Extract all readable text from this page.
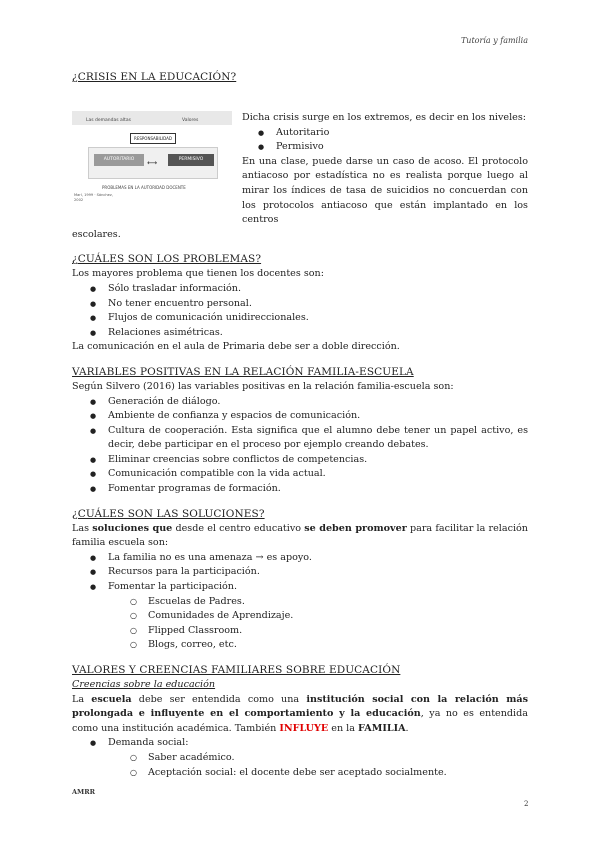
Tutoría y familia
¿CRISIS EN LA EDUCACIÓN?
Las demandas altas	Valores
RESPONSABILIDAD
AUTORITARIO	⟷	PERMISIVO
PROBLEMAS EN LA AUTORIDAD DOCENTE
Marí, 1999 · Sánchez, 2002

Dicha crisis surge en los extremos, es decir en los niveles:

● Autoritario
● Permisivo

En una clase, puede darse un caso de acoso. El protocolo antiacoso por estadística no es realista porque luego al mirar los índices de tasa de suicidios no concuerdan con los protocolos antiacoso que están implantado en los centros

escolares.

¿CUÁLES SON LOS PROBLEMAS?

Los mayores problema que tienen los docentes son:

● Sólo trasladar información.
● No tener encuentro personal.
● Flujos de comunicación unidireccionales.
● Relaciones asimétricas.

La comunicación en el aula de Primaria debe ser a doble dirección.

VARIABLES POSITIVAS EN LA RELACIÓN FAMILIA-ESCUELA

Según Silvero (2016) las variables positivas en la relación familia-escuela son:

● Generación de diálogo.
● Ambiente de confianza y espacios de comunicación.
● Cultura de cooperación. Esta significa que el alumno debe tener un papel activo, es decir, debe participar en el proceso por ejemplo creando debates.
● Eliminar creencias sobre conflictos de competencias.
● Comunicación compatible con la vida actual.
● Fomentar programas de formación.
¿CUÁLES SON LAS SOLUCIONES?

Las soluciones que desde el centro educativo se deben promover para facilitar la relación familia escuela son:

● La familia no es una amenaza → es apoyo.
● Recursos para la participación.
● Fomentar la participación.
○ Escuelas de Padres.
○ Comunidades de Aprendizaje.
○ Flipped Classroom.
○ Blogs, correo, etc.
VALORES Y CREENCIAS FAMILIARES SOBRE EDUCACIÓN

Creencias sobre la educación

La escuela debe ser entendida como una institución social con la relación más prolongada e influyente en el comportamiento y la educación, ya no es entendida como una institución académica. También INFLUYE en la FAMILIA.

● Demanda social:
○ Saber académico.
○ Aceptación social: el docente debe ser aceptado socialmente.
AMRR
2
